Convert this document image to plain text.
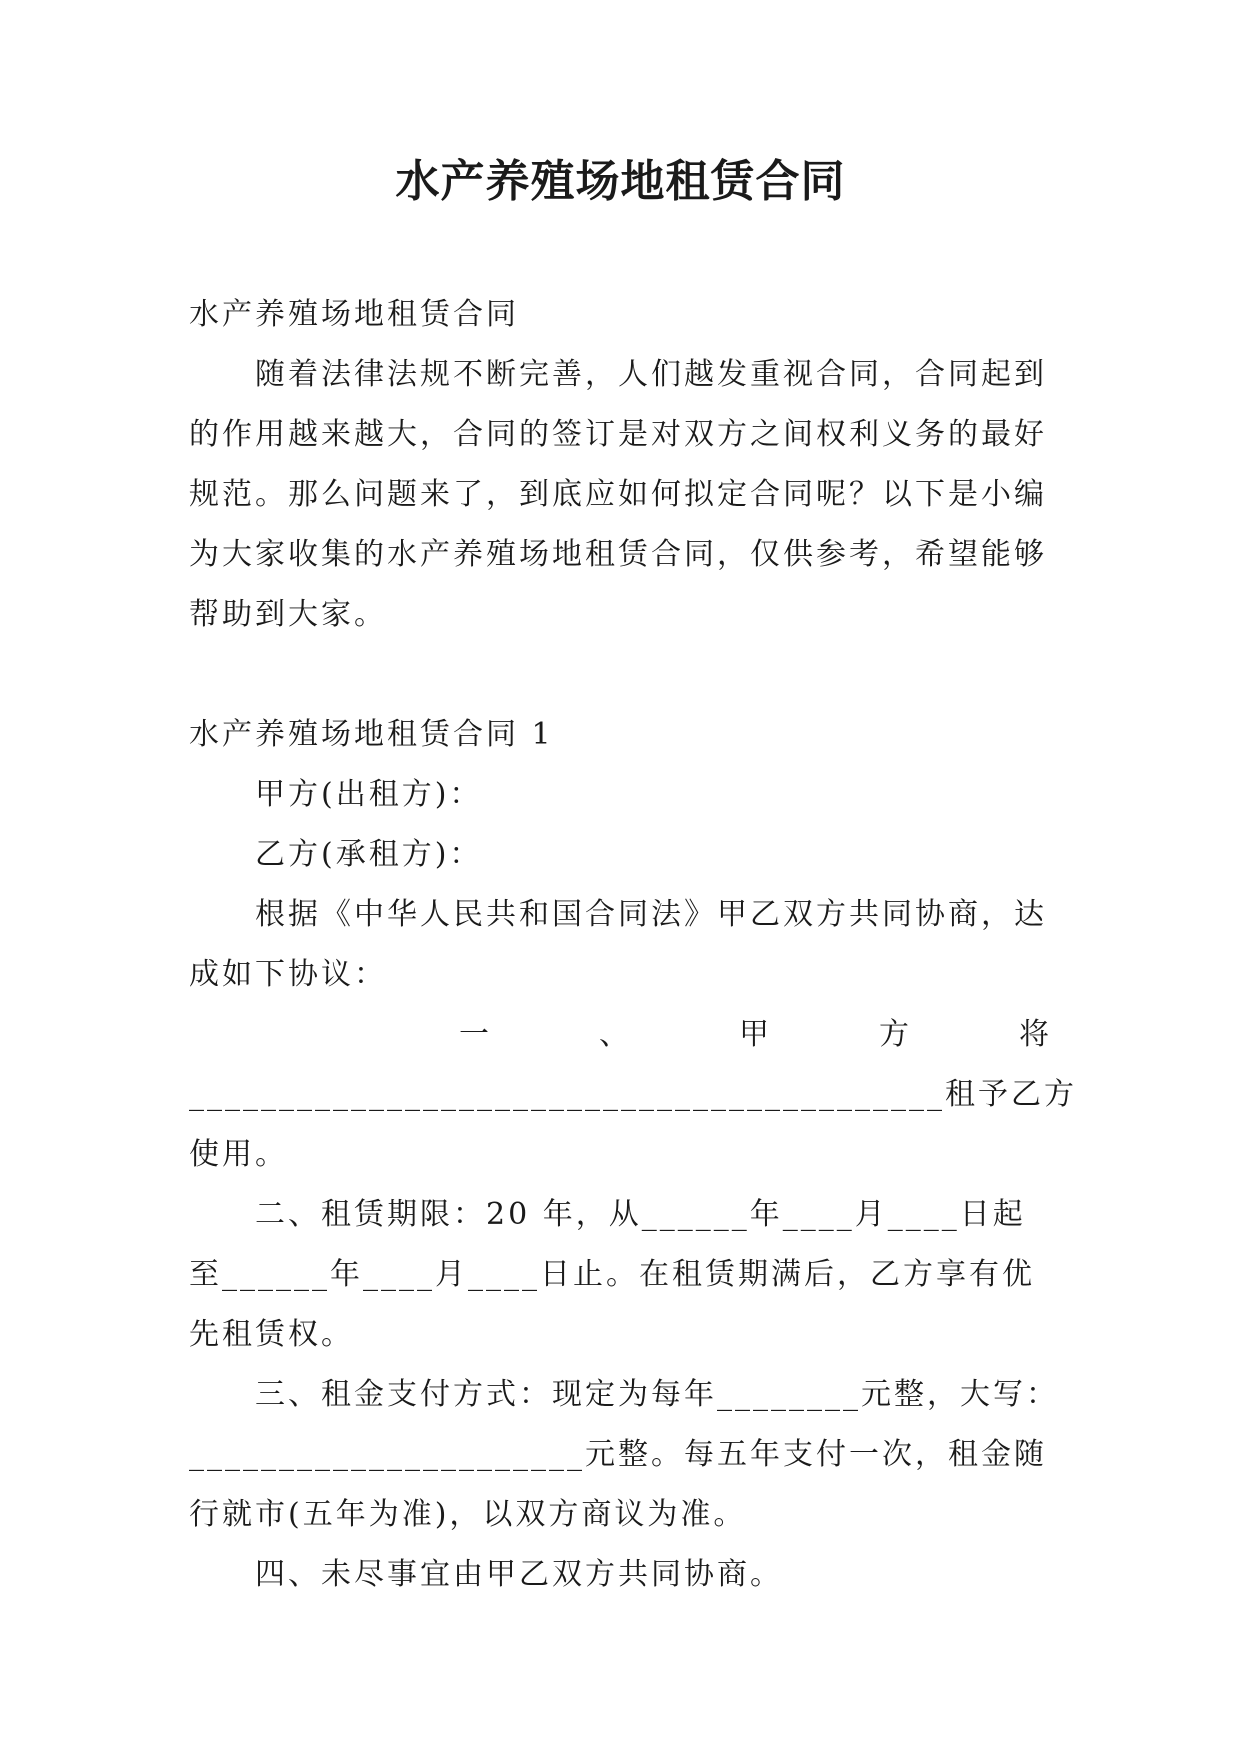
水产养殖场地租赁合同

水产养殖场地租赁合同

随着法律法规不断完善，人们越发重视合同，合同起到的作用越来越大，合同的签订是对双方之间权利义务的最好规范。那么问题来了，到底应如何拟定合同呢？以下是小编为大家收集的水产养殖场地租赁合同，仅供参考，希望能够帮助到大家。

水产养殖场地租赁合同 1

甲方(出租方)：

乙方(承租方)：

根据《中华人民共和国合同法》甲乙双方共同协商，达成如下协议：

一	、	甲	方	将

__________________________________________租予乙方

使用。

二、租赁期限：20 年，从______年____月____日起至______年____月____日止。在租赁期满后，乙方享有优先租赁权。

三、租金支付方式：现定为每年________元整，大写：

______________________元整。每五年支付一次，租金随行就市(五年为准)，以双方商议为准。

四、未尽事宜由甲乙双方共同协商。
